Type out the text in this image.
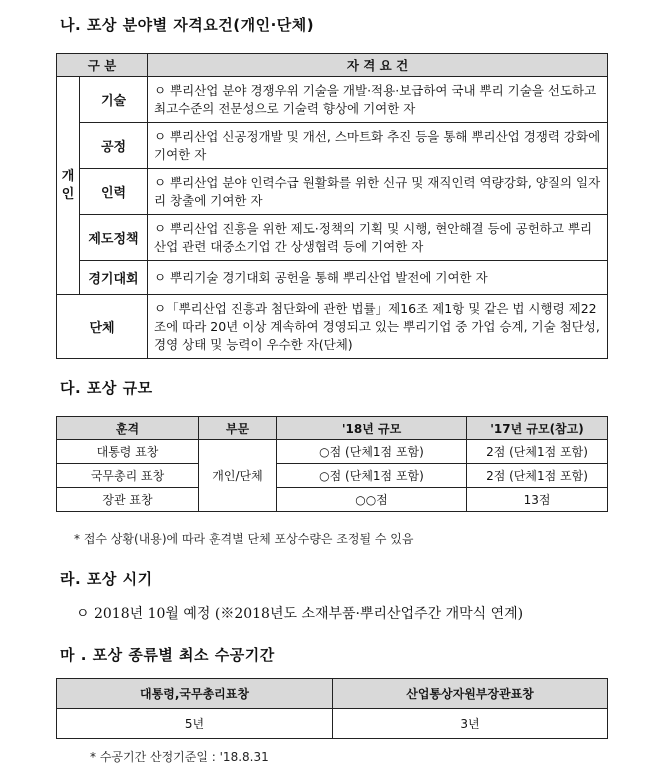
나. 포상 분야별 자격요건(개인·단체)
구 분		자 격 요 건
개
인	기술	ㅇ 뿌리산업 분야 경쟁우위 기술을 개발·적용·보급하여 국내 뿌리 기술을 선도하고 최고수준의 전문성으로 기술력 향상에 기여한 자
	공정	ㅇ 뿌리산업 신공정개발 및 개선, 스마트화 추진 등을 통해 뿌리산업 경쟁력 강화에 기여한 자
	인력	ㅇ 뿌리산업 분야 인력수급 원활화를 위한 신규 및 재직인력 역량강화, 양질의 일자리 창출에 기여한 자
	제도정책	ㅇ 뿌리산업 진흥을 위한 제도·정책의 기획 및 시행, 현안해결 등에 공헌하고 뿌리산업 관련 대중소기업 간 상생협력 등에 기여한 자
	경기대회	ㅇ 뿌리기술 경기대회 공헌을 통해 뿌리산업 발전에 기여한 자
단체		ㅇ「뿌리산업 진흥과 첨단화에 관한 법률」제16조 제1항 및 같은 법 시행령 제22조에 따라 20년 이상 계속하여 경영되고 있는 뿌리기업 중 가업 승계, 기술 첨단성, 경영 상태 및 능력이 우수한 자(단체)
다. 포상 규모
훈격	부문	'18년 규모	'17년 규모(참고)
대통령 표창	개인/단체	○점 (단체1점 포함)	2점 (단체1점 포함)
국무총리 표창		○점 (단체1점 포함)	2점 (단체1점 포함)
장관 표창		○○점	13점
* 접수 상황(내용)에 따라 훈격별 단체 포상수량은 조정될 수 있음
라. 포상 시기
ㅇ 2018년 10월 예정 (※2018년도 소재부품·뿌리산업주간 개막식 연계)
마 . 포상 종류별 최소 수공기간
대통령,국무총리표창	산업통상자원부장관표창
5년	3년
* 수공기간 산정기준일 : '18.8.31
